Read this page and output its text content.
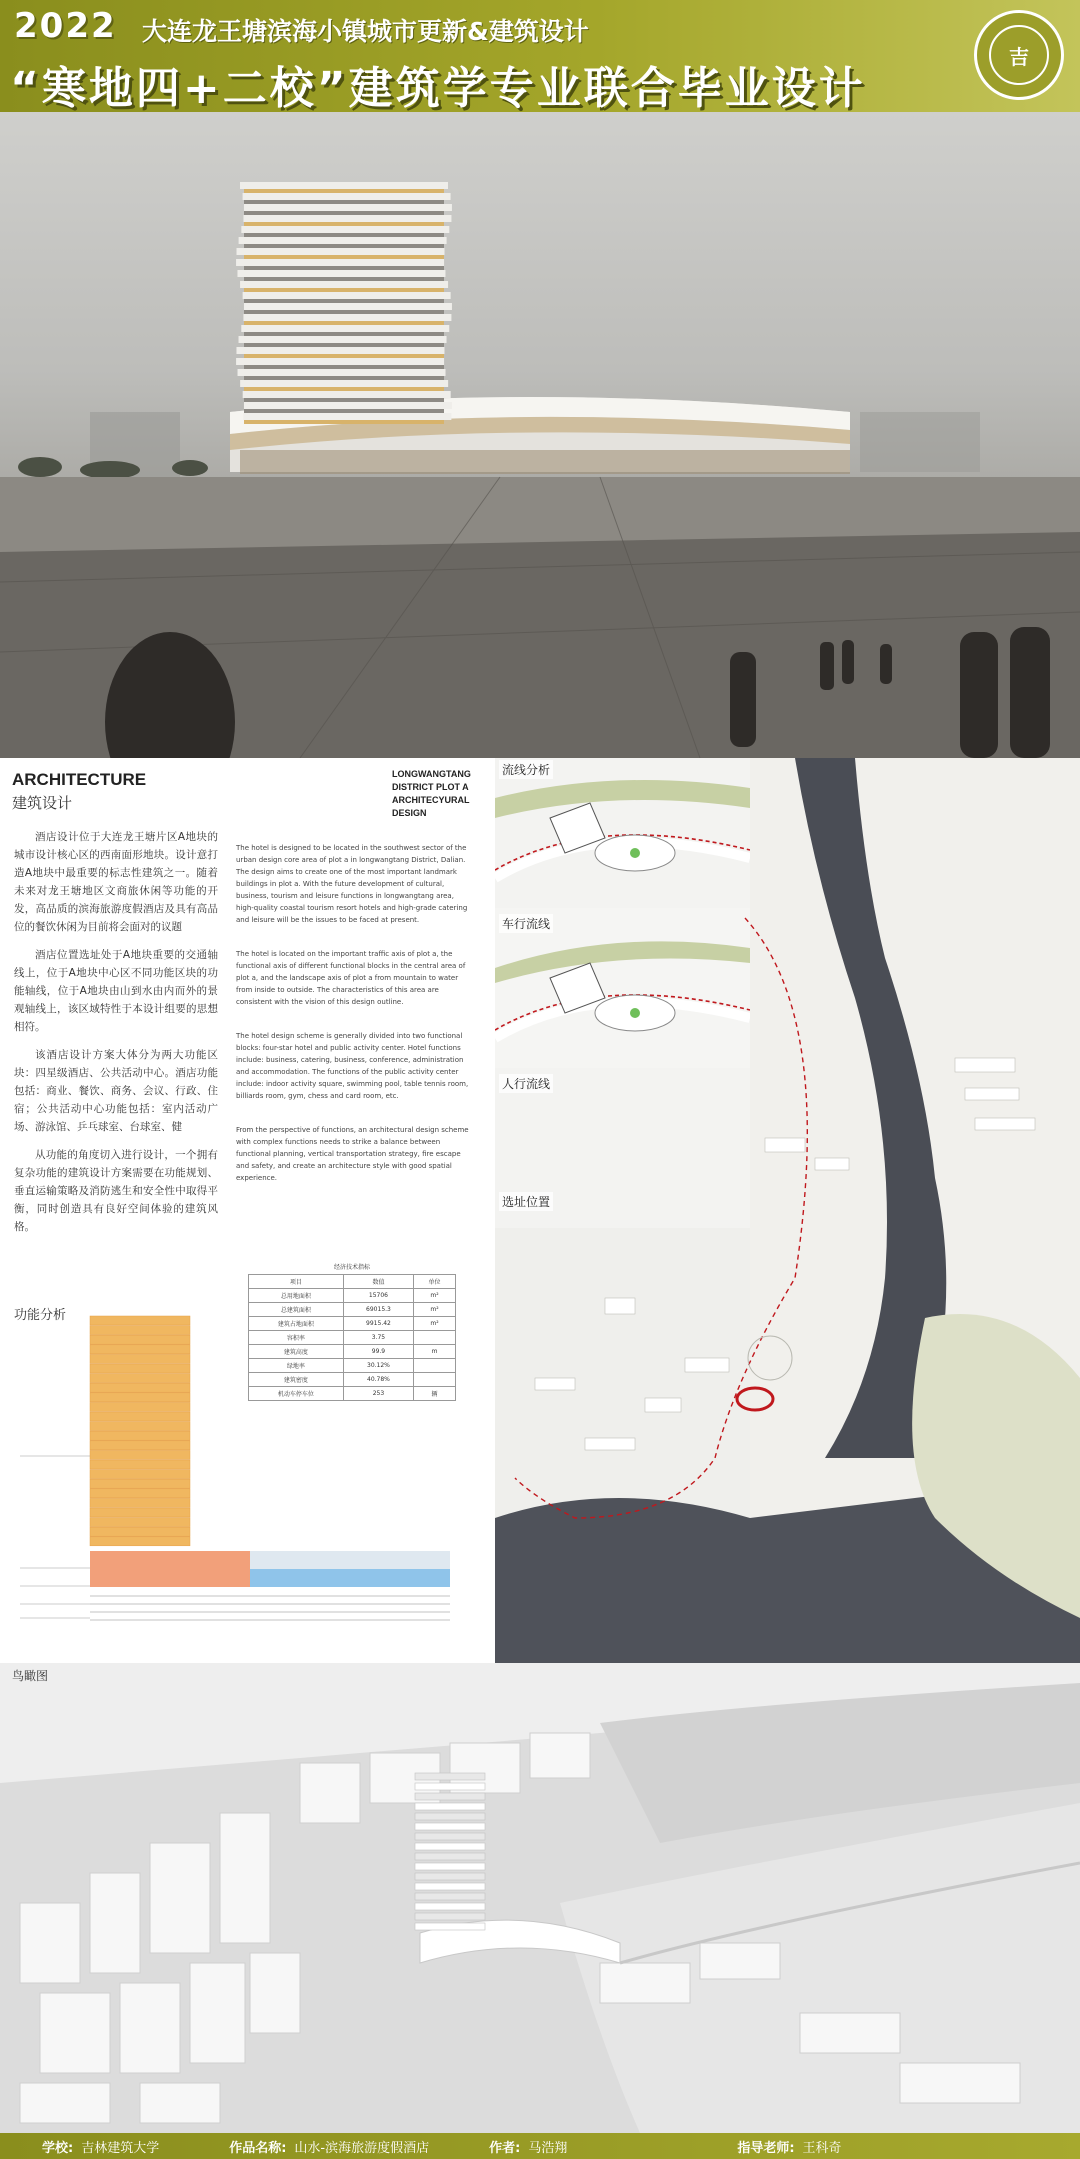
2022 大连龙王塘滨海小镇城市更新&建筑设计
“寒地四+二校”建筑学专业联合毕业设计
吉
ARCHITECTURE
建筑设计
LONGWANGTANG DISTRICT PLOT A ARCHITECYURAL DESIGN

酒店设计位于大连龙王塘片区A地块的城市设计核心区的西南面形地块。设计意打造A地块中最重要的标志性建筑之一。随着未来对龙王塘地区文商旅休闲等功能的开发，高品质的滨海旅游度假酒店及具有高品位的餐饮休闲为目前将会面对的议题

酒店位置选址处于A地块重要的交通轴线上，位于A地块中心区不同功能区块的功能轴线，位于A地块由山到水由内而外的景观轴线上，该区域特性于本设计组要的思想相符。

该酒店设计方案大体分为两大功能区块：四星级酒店、公共活动中心。酒店功能包括：商业、餐饮、商务、会议、行政、住宿；公共活动中心功能包括：室内活动广场、游泳馆、乒乓球室、台球室、健

从功能的角度切入进行设计，一个拥有复杂功能的建筑设计方案需要在功能规划、垂直运输策略及消防逃生和安全性中取得平衡，同时创造具有良好空间体验的建筑风格。

The hotel is designed to be located in the southwest sector of the urban design core area of plot a in longwangtang District, Dalian. The design aims to create one of the most important landmark buildings in plot a. With the future development of cultural, business, tourism and leisure functions in longwangtang area, high-quality coastal tourism resort hotels and high-grade catering and leisure will be the issues to be faced at present.

The hotel is located on the important traffic axis of plot a, the functional axis of different functional blocks in the central area of plot a, and the landscape axis of plot a from mountain to water from inside to outside. The characteristics of this area are consistent with the vision of this design outline.

The hotel design scheme is generally divided into two functional blocks: four-star hotel and public activity center. Hotel functions include: business, catering, business, conference, administration and accommodation. The functions of the public activity center include: indoor activity square, swimming pool, table tennis room, billiards room, gym, chess and card room, etc.

From the perspective of functions, an architectural design scheme with complex functions needs to strike a balance between functional planning, vertical transportation strategy, fire escape and safety, and create an architecture style with good spatial experience.

经济技术指标
项目	数值	单位
总用地面积	15706	m²
总建筑面积	69015.3	m²
建筑占地面积	9915.42	m²
容积率	3.75	
建筑高度	99.9	m
绿地率	30.12%	
建筑密度	40.78%	
机动车停车位	253	辆
功能分析
流线分析
车行流线
人行流线
选址位置
鸟瞰图
学校: 吉林建筑大学	作品名称: 山水-滨海旅游度假酒店	作者: 马浩翔	指导老师: 王科奇
